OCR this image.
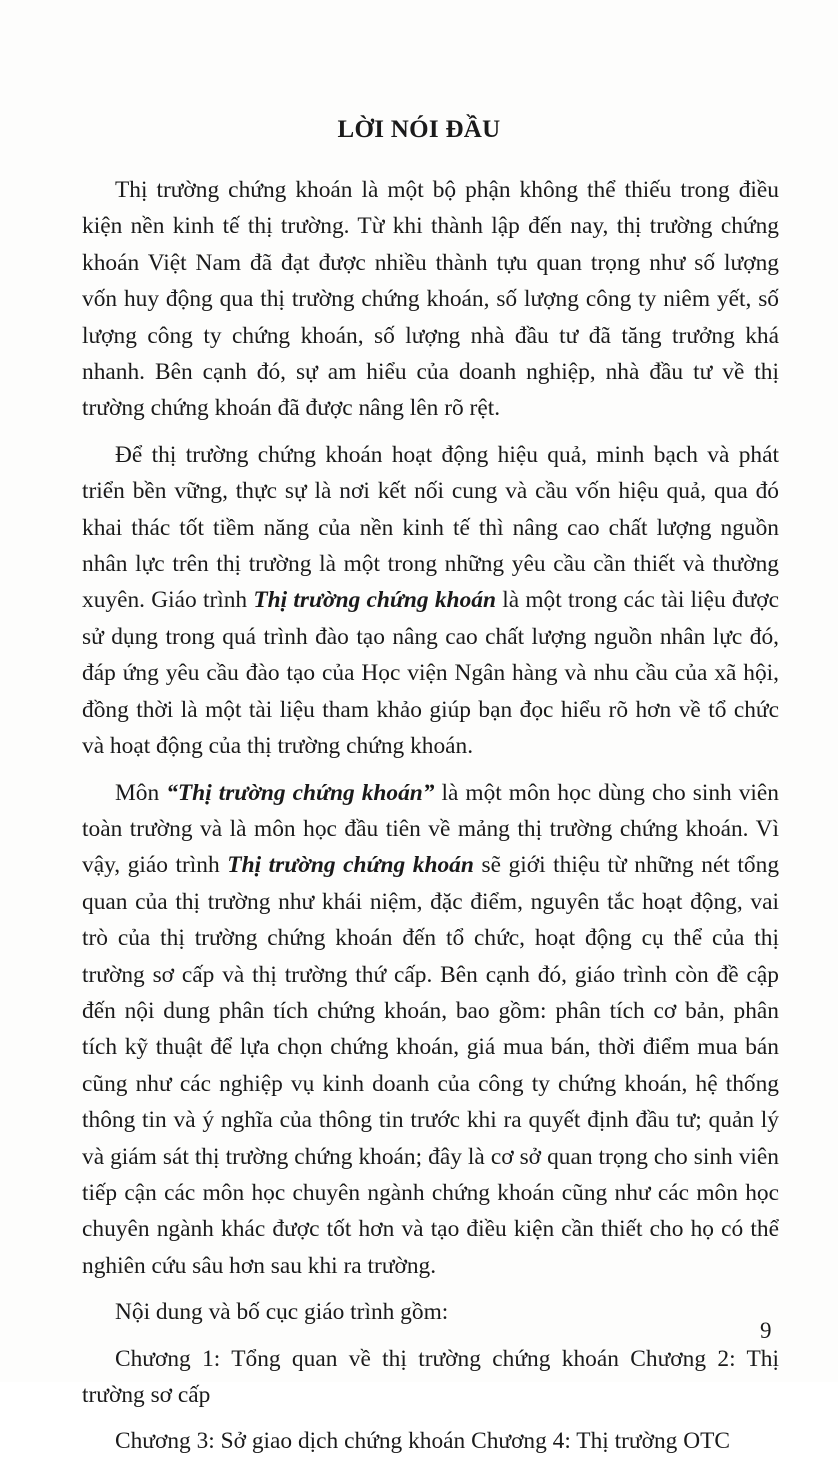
LỜI NÓI ĐẦU

Thị trường chứng khoán là một bộ phận không thể thiếu trong điều kiện nền kinh tế thị trường. Từ khi thành lập đến nay, thị trường chứng khoán Việt Nam đã đạt được nhiều thành tựu quan trọng như số lượng vốn huy động qua thị trường chứng khoán, số lượng công ty niêm yết, số lượng công ty chứng khoán, số lượng nhà đầu tư đã tăng trưởng khá nhanh. Bên cạnh đó, sự am hiểu của doanh nghiệp, nhà đầu tư về thị trường chứng khoán đã được nâng lên rõ rệt.

Để thị trường chứng khoán hoạt động hiệu quả, minh bạch và phát triển bền vững, thực sự là nơi kết nối cung và cầu vốn hiệu quả, qua đó khai thác tốt tiềm năng của nền kinh tế thì nâng cao chất lượng nguồn nhân lực trên thị trường là một trong những yêu cầu cần thiết và thường xuyên. Giáo trình Thị trường chứng khoán là một trong các tài liệu được sử dụng trong quá trình đào tạo nâng cao chất lượng nguồn nhân lực đó, đáp ứng yêu cầu đào tạo của Học viện Ngân hàng và nhu cầu của xã hội, đồng thời là một tài liệu tham khảo giúp bạn đọc hiểu rõ hơn về tổ chức và hoạt động của thị trường chứng khoán.

Môn “Thị trường chứng khoán” là một môn học dùng cho sinh viên toàn trường và là môn học đầu tiên về mảng thị trường chứng khoán. Vì vậy, giáo trình Thị trường chứng khoán sẽ giới thiệu từ những nét tổng quan của thị trường như khái niệm, đặc điểm, nguyên tắc hoạt động, vai trò của thị trường chứng khoán đến tổ chức, hoạt động cụ thể của thị trường sơ cấp và thị trường thứ cấp. Bên cạnh đó, giáo trình còn đề cập đến nội dung phân tích chứng khoán, bao gồm: phân tích cơ bản, phân tích kỹ thuật để lựa chọn chứng khoán, giá mua bán, thời điểm mua bán cũng như các nghiệp vụ kinh doanh của công ty chứng khoán, hệ thống thông tin và ý nghĩa của thông tin trước khi ra quyết định đầu tư; quản lý và giám sát thị trường chứng khoán; đây là cơ sở quan trọng cho sinh viên tiếp cận các môn học chuyên ngành chứng khoán cũng như các môn học chuyên ngành khác được tốt hơn và tạo điều kiện cần thiết cho họ có thể nghiên cứu sâu hơn sau khi ra trường.

Nội dung và bố cục giáo trình gồm:

Chương 1: Tổng quan về thị trường chứng khoán Chương 2: Thị trường sơ cấp

Chương 3: Sở giao dịch chứng khoán Chương 4: Thị trường OTC

9
